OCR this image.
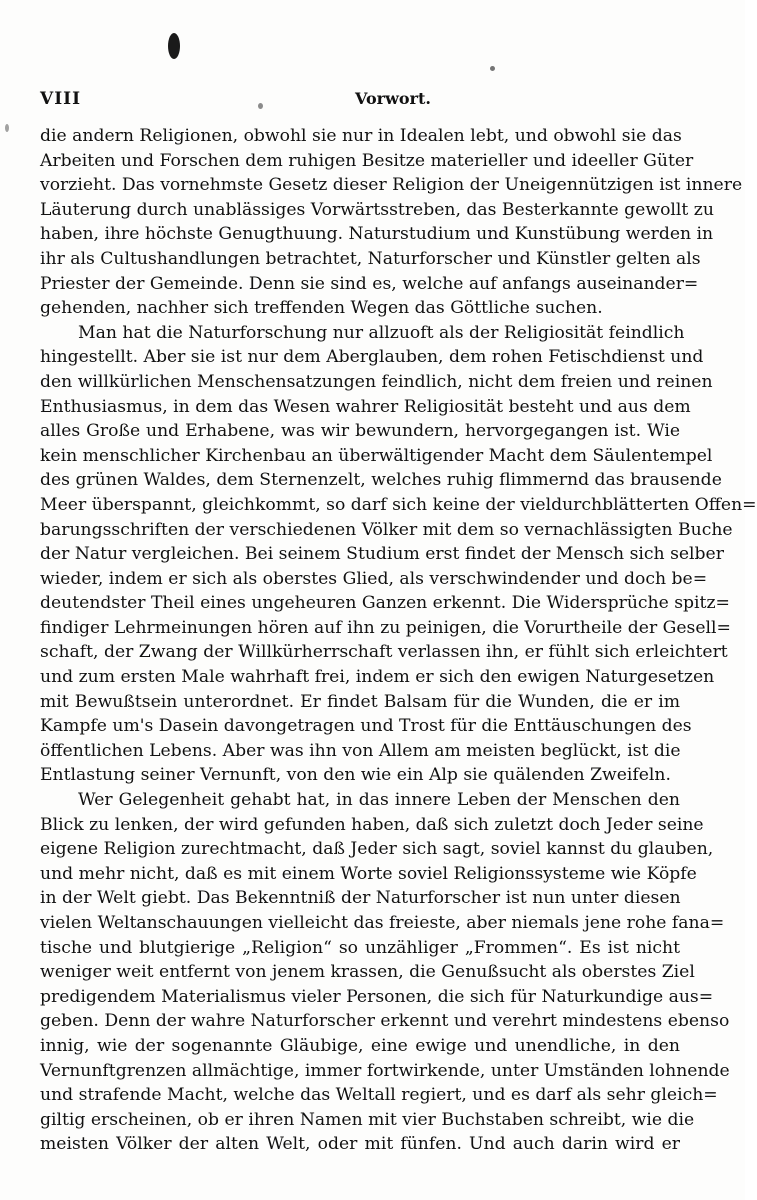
VIII	Vorwort.
die andern Religionen, obwohl sie nur in Idealen lebt, und obwohl sie das
Arbeiten und Forschen dem ruhigen Besitze materieller und ideeller Güter
vorzieht. Das vornehmste Gesetz dieser Religion der Uneigennützigen ist innere
Läuterung durch unablässiges Vorwärtsstreben, das Besterkannte gewollt zu
haben, ihre höchste Genugthuung. Naturstudium und Kunstübung werden in
ihr als Cultushandlungen betrachtet, Naturforscher und Künstler gelten als
Priester der Gemeinde. Denn sie sind es, welche auf anfangs auseinander=
gehenden, nachher sich treffenden Wegen das Göttliche suchen.
Man hat die Naturforschung nur allzuoft als der Religiosität feindlich
hingestellt. Aber sie ist nur dem Aberglauben, dem rohen Fetischdienst und
den willkürlichen Menschensatzungen feindlich, nicht dem freien und reinen
Enthusiasmus, in dem das Wesen wahrer Religiosität besteht und aus dem
alles Große und Erhabene, was wir bewundern, hervorgegangen ist. Wie
kein menschlicher Kirchenbau an überwältigender Macht dem Säulentempel
des grünen Waldes, dem Sternenzelt, welches ruhig flimmernd das brausende
Meer überspannt, gleichkommt, so darf sich keine der vieldurchblätterten Offen=
barungsschriften der verschiedenen Völker mit dem so vernachlässigten Buche
der Natur vergleichen. Bei seinem Studium erst findet der Mensch sich selber
wieder, indem er sich als oberstes Glied, als verschwindender und doch be=
deutendster Theil eines ungeheuren Ganzen erkennt. Die Widersprüche spitz=
findiger Lehrmeinungen hören auf ihn zu peinigen, die Vorurtheile der Gesell=
schaft, der Zwang der Willkürherrschaft verlassen ihn, er fühlt sich erleichtert
und zum ersten Male wahrhaft frei, indem er sich den ewigen Naturgesetzen
mit Bewußtsein unterordnet. Er findet Balsam für die Wunden, die er im
Kampfe um's Dasein davongetragen und Trost für die Enttäuschungen des
öffentlichen Lebens. Aber was ihn von Allem am meisten beglückt, ist die
Entlastung seiner Vernunft, von den wie ein Alp sie quälenden Zweifeln.
Wer Gelegenheit gehabt hat, in das innere Leben der Menschen den
Blick zu lenken, der wird gefunden haben, daß sich zuletzt doch Jeder seine
eigene Religion zurechtmacht, daß Jeder sich sagt, soviel kannst du glauben,
und mehr nicht, daß es mit einem Worte soviel Religionssysteme wie Köpfe
in der Welt giebt. Das Bekenntniß der Naturforscher ist nun unter diesen
vielen Weltanschauungen vielleicht das freieste, aber niemals jene rohe fana=
tische und blutgierige „Religion“ so unzähliger „Frommen“. Es ist nicht
weniger weit entfernt von jenem krassen, die Genußsucht als oberstes Ziel
predigendem Materialismus vieler Personen, die sich für Naturkundige aus=
geben. Denn der wahre Naturforscher erkennt und verehrt mindestens ebenso
innig, wie der sogenannte Gläubige, eine ewige und unendliche, in den
Vernunftgrenzen allmächtige, immer fortwirkende, unter Umständen lohnende
und strafende Macht, welche das Weltall regiert, und es darf als sehr gleich=
giltig erscheinen, ob er ihren Namen mit vier Buchstaben schreibt, wie die
meisten Völker der alten Welt, oder mit fünfen. Und auch darin wird er
